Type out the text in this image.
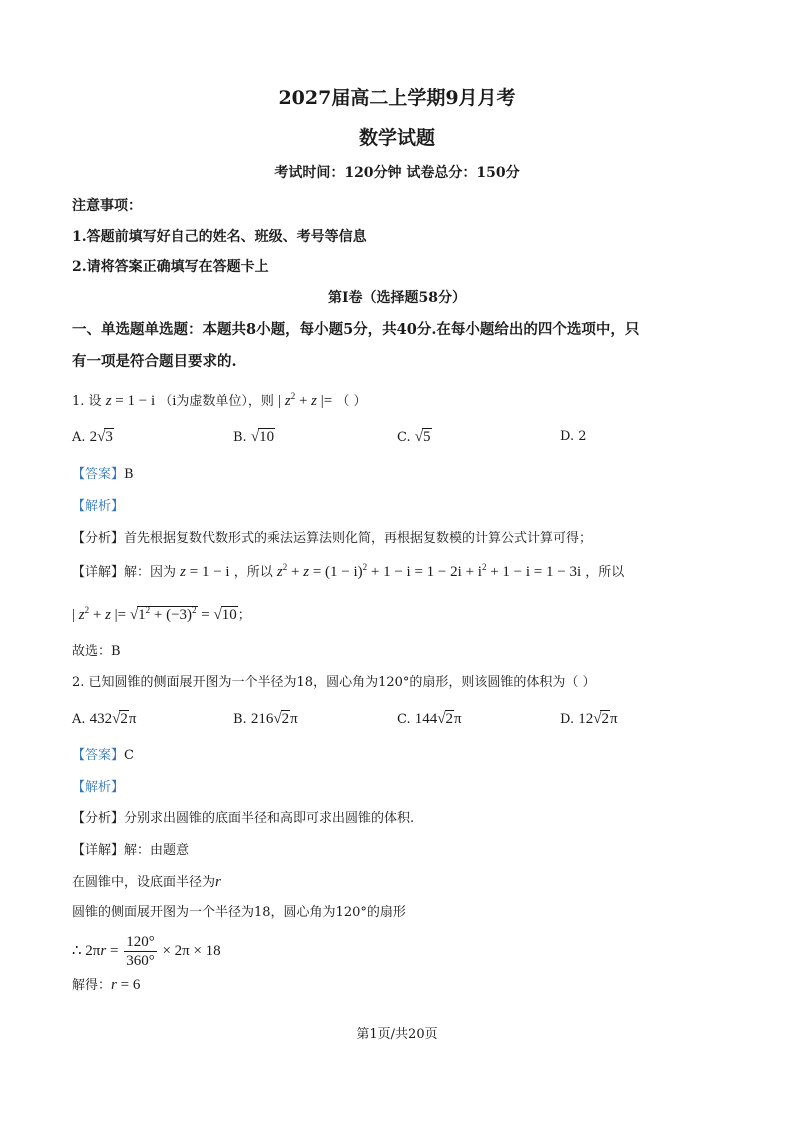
2027届高二上学期9月月考
数学试题
考试时间：120分钟 试卷总分：150分
注意事项：
1.答题前填写好自己的姓名、班级、考号等信息
2.请将答案正确填写在答题卡上
第I卷（选择题58分）
一、单选题单选题：本题共8小题，每小题5分，共40分.在每小题给出的四个选项中，只
有一项是符合题目要求的.
1. 设 z = 1 − i （i为虚数单位），则 | $z^2 + z$ |= （ ）
A. 2√3	B. √10	C. √5	D. 2
【答案】B
【解析】
【分析】首先根据复数代数形式的乘法运算法则化简，再根据复数模的计算公式计算可得；
【详解】解：因为 z = 1 − i ，所以 $z^2 + z = (1 - i)^2 + 1 - i = 1 - 2i + i^2 + 1 - i = 1 - 3i$ ，所以
| $z^2 + z$ |= $√1^2 + (-3)^2 = √10$；
故选：B
2. 已知圆锥的侧面展开图为一个半径为18，圆心角为120°的扇形，则该圆锥的体积为（ ）
A. 432√2π	B. 216√2π	C. 144√2π	D. 12√2π
【答案】C
【解析】
【分析】分别求出圆锥的底面半径和高即可求出圆锥的体积.
【详解】解：由题意
在圆锥中，设底面半径为r
圆锥的侧面展开图为一个半径为18，圆心角为120°的扇形
∴ $2\pi r = \frac{120^\circ}{360^\circ} \times 2\pi \times 18$
解得：r = 6
第1页/共20页
